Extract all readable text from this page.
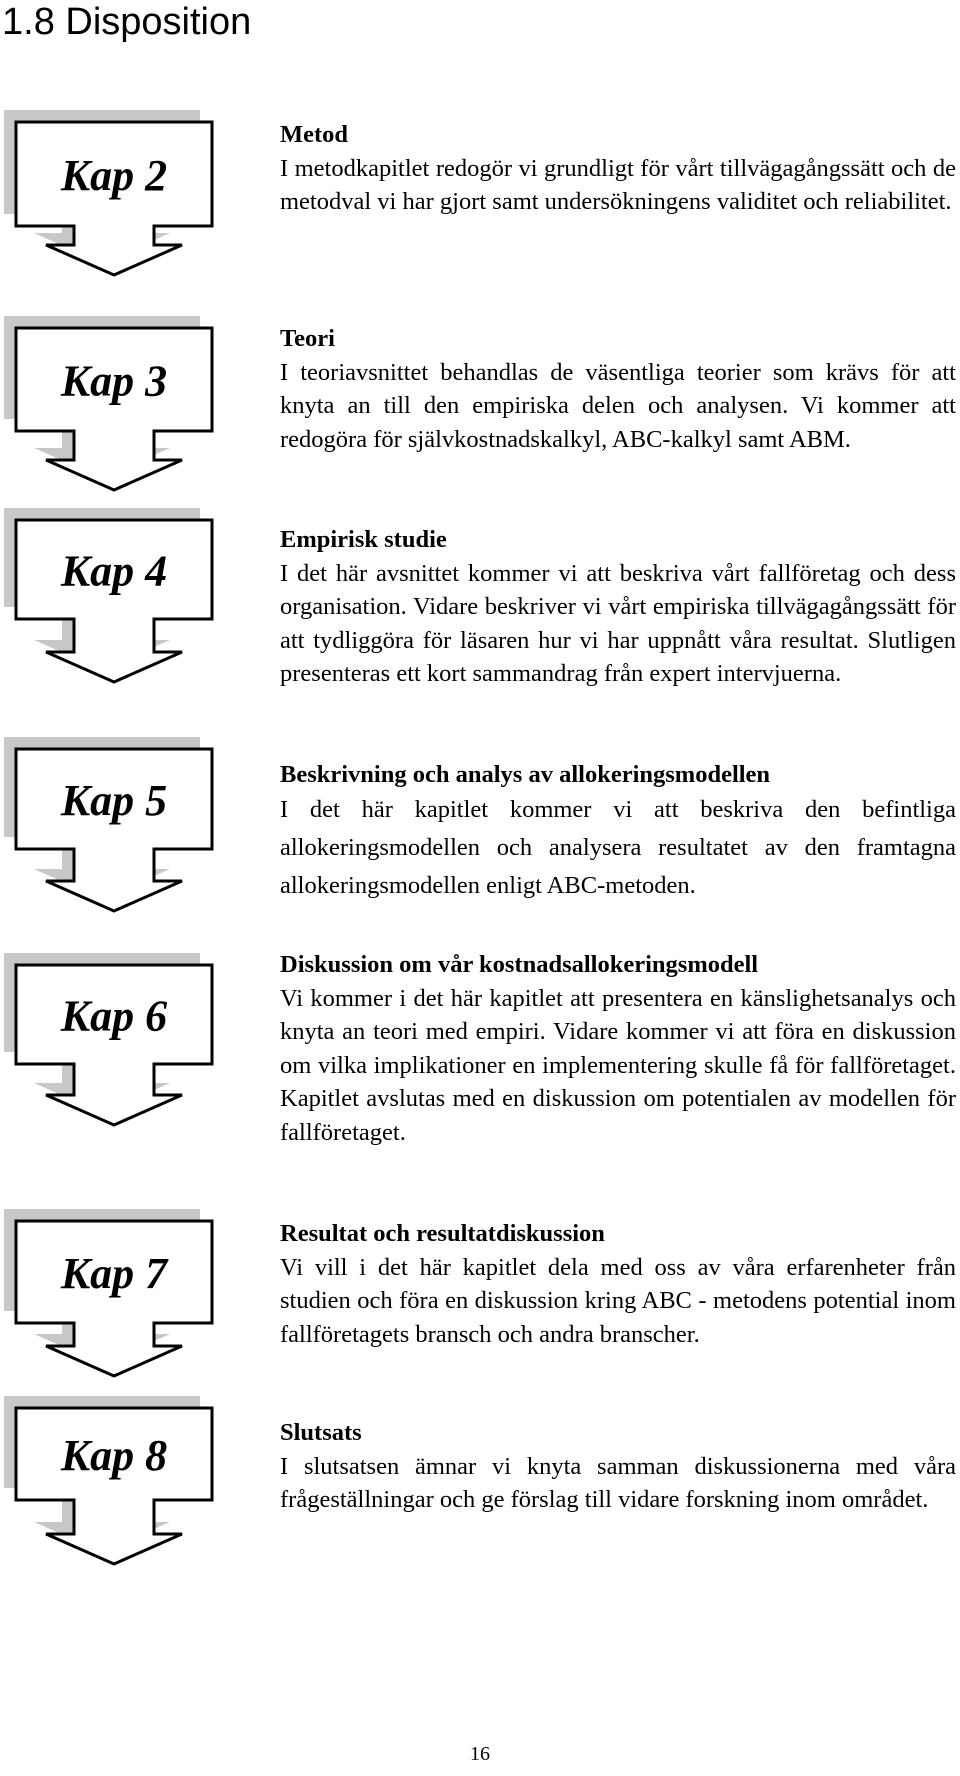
1.8 Disposition
Kap 2
Kap 3
Kap 4
Kap 5
Kap 6
Kap 7
Kap 8
Metod
I metodkapitlet redogör vi grundligt för vårt tillvägagångssätt och de metodval vi har gjort samt undersökningens validitet och reliabilitet.
Teori
I teoriavsnittet behandlas de väsentliga teorier som krävs för att knyta an till den empiriska delen och analysen. Vi kommer att redogöra för självkostnadskalkyl, ABC-kalkyl samt ABM.
Empirisk studie
I det här avsnittet kommer vi att beskriva vårt fallföretag och dess organisation. Vidare beskriver vi vårt empiriska tillvägagångssätt för att tydliggöra för läsaren hur vi har uppnått våra resultat. Slutligen presenteras ett kort sammandrag från expert intervjuerna.
Beskrivning och analys av allokeringsmodellen
I det här kapitlet kommer vi att beskriva den befintliga allokeringsmodellen och analysera resultatet av den framtagna allokeringsmodellen enligt ABC-metoden.
Diskussion om vår kostnadsallokeringsmodell
Vi kommer i det här kapitlet att presentera en känslighetsanalys och knyta an teori med empiri. Vidare kommer vi att föra en diskussion om vilka implikationer en implementering skulle få för fallföretaget. Kapitlet avslutas med en diskussion om potentialen av modellen för fallföretaget.
Resultat och resultatdiskussion
Vi vill i det här kapitlet dela med oss av våra erfarenheter från studien och föra en diskussion kring ABC - metodens potential inom fallföretagets bransch och andra branscher.
Slutsats
I slutsatsen ämnar vi knyta samman diskussionerna med våra frågeställningar och ge förslag till vidare forskning inom området.
16
